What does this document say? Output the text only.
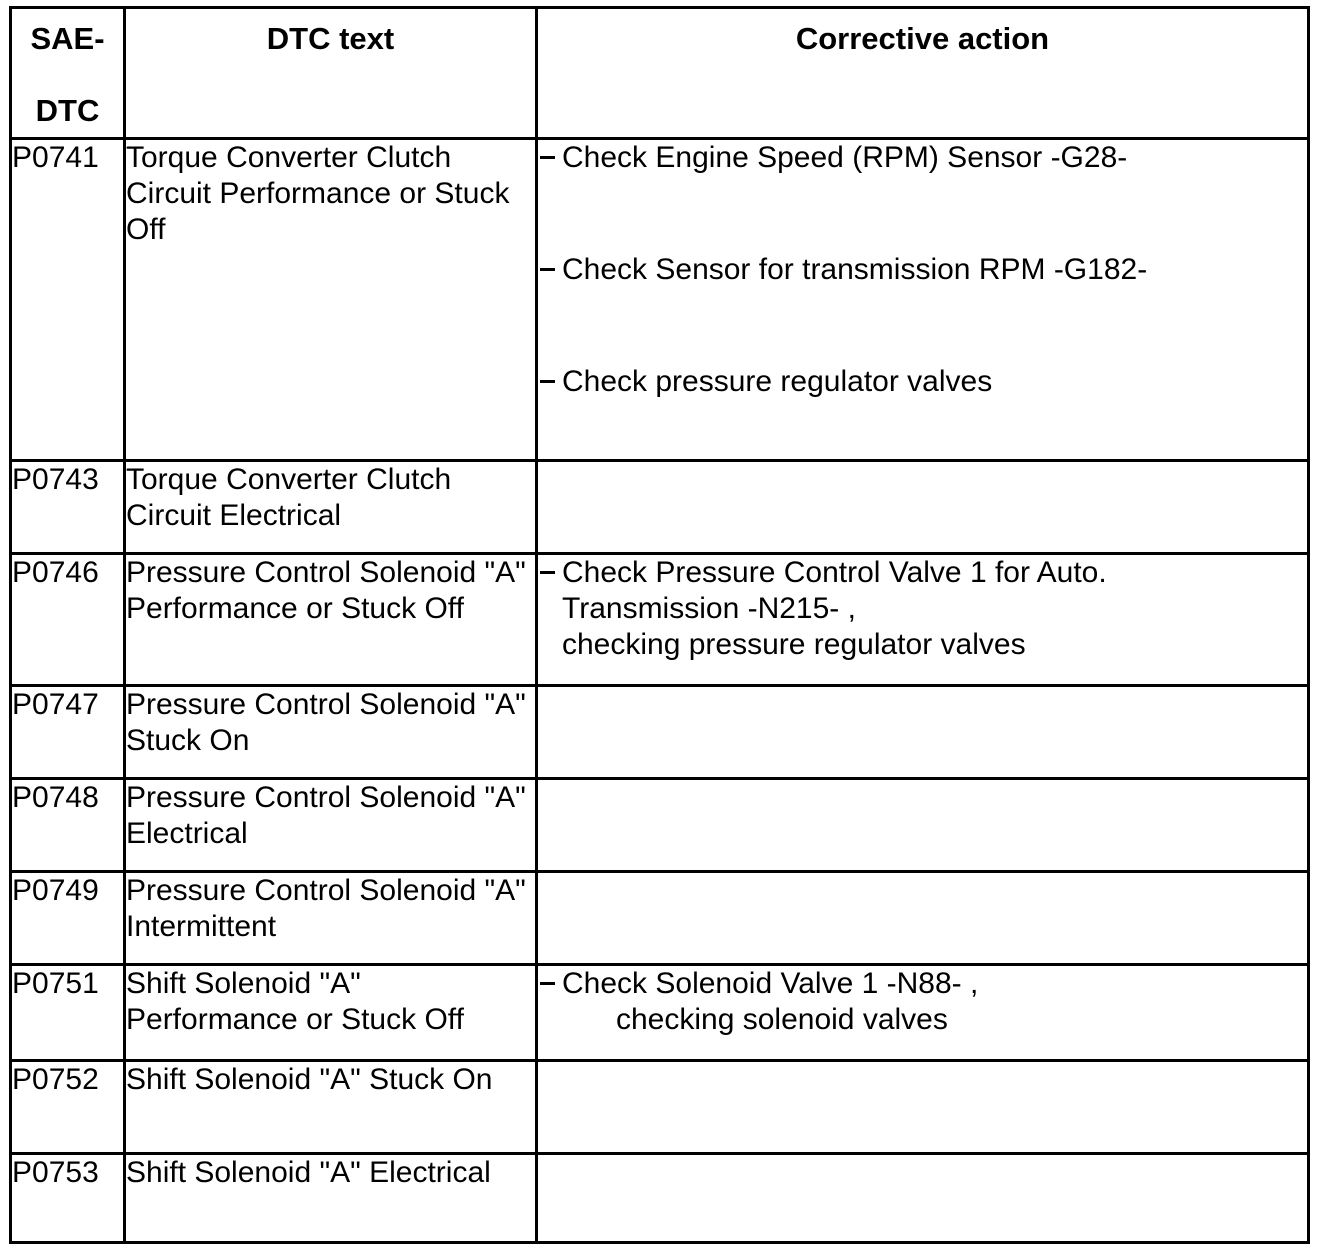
SAE-
DTC	DTC text	Corrective action

P0741	Torque Converter Clutch Circuit Performance or Stuck Off	Check Engine Speed (RPM) Sensor -G28-
Check Sensor for transmission RPM -G182-
Check pressure regulator valves

P0743	Torque Converter Clutch Circuit Electrical	
P0746	Pressure Control Solenoid "A" Performance or Stuck Off	Check Pressure Control Valve 1 for Auto.
Transmission -N215- ,
checking pressure regulator valves

P0747	Pressure Control Solenoid "A" Stuck On	
P0748	Pressure Control Solenoid "A" Electrical	
P0749	Pressure Control Solenoid "A" Intermittent	
P0751	Shift Solenoid "A" Performance or Stuck Off	Check Solenoid Valve 1 -N88- ,
checking solenoid valves

P0752	Shift Solenoid "A" Stuck On	
P0753	Shift Solenoid "A" Electrical	
